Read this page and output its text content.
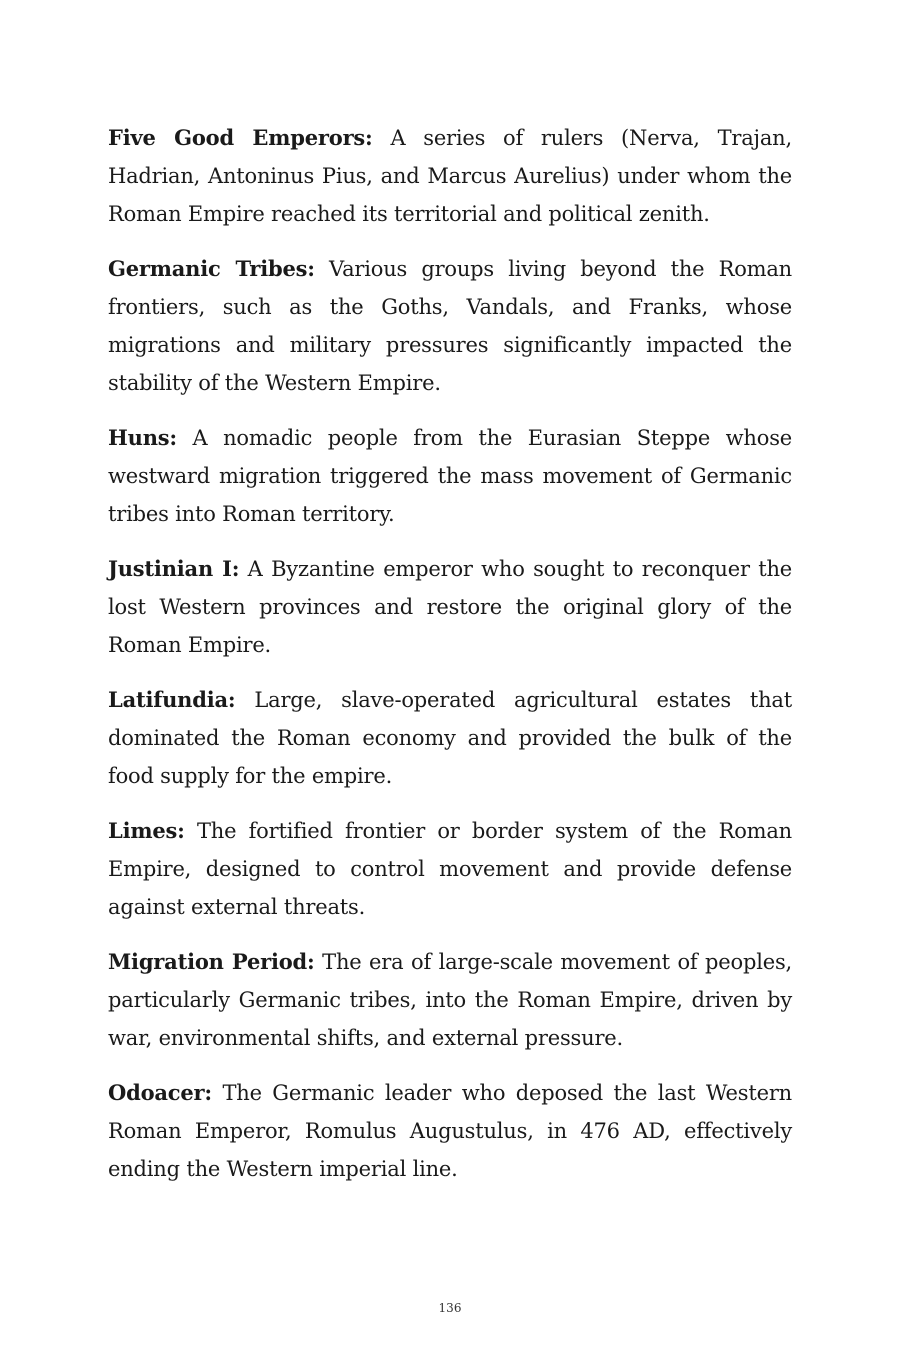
Five Good Emperors: A series of rulers (Nerva, Trajan, Hadrian, Antoninus Pius, and Marcus Aurelius) under whom the Roman Empire reached its territorial and political zenith.

Germanic Tribes: Various groups living beyond the Roman frontiers, such as the Goths, Vandals, and Franks, whose migrations and military pressures significantly impacted the stability of the Western Empire.

Huns: A nomadic people from the Eurasian Steppe whose westward migration triggered the mass movement of Germanic tribes into Roman territory.

Justinian I: A Byzantine emperor who sought to reconquer the lost Western provinces and restore the original glory of the Roman Empire.

Latifundia: Large, slave-operated agricultural estates that dominated the Roman economy and provided the bulk of the food supply for the empire.

Limes: The fortified frontier or border system of the Roman Empire, designed to control movement and provide defense against external threats.

Migration Period: The era of large-scale movement of peoples, particularly Germanic tribes, into the Roman Empire, driven by war, environmental shifts, and external pressure.

Odoacer: The Germanic leader who deposed the last Western Roman Emperor, Romulus Augustulus, in 476 AD, effectively ending the Western imperial line.

136
